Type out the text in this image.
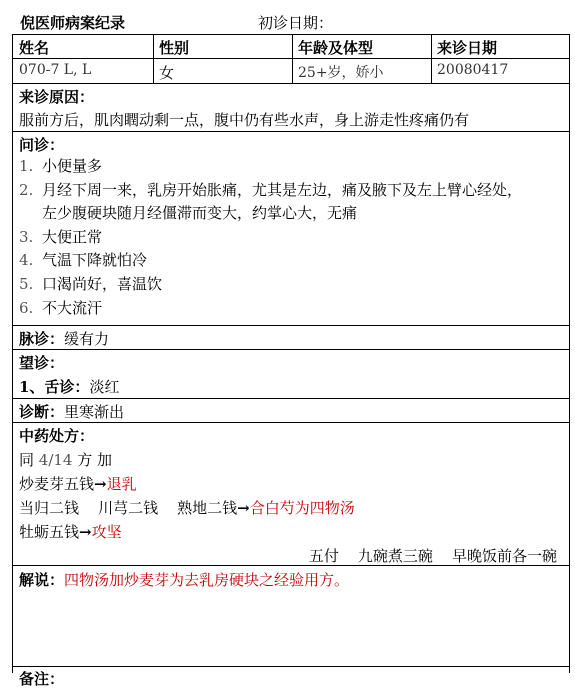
倪医师病案纪录	初诊日期：
姓名	性别	年龄及体型	来诊日期
070-7 L, L	女	25+岁，娇小	20080417
来诊原因：
服前方后，肌肉瞤动剩一点，腹中仍有些水声，身上游走性疼痛仍有
问诊：
1. 小便量多
2. 月经下周一来，乳房开始胀痛，尤其是左边，痛及腋下及左上臂心经处，
左少腹硬块随月经僵滞而变大，约掌心大，无痛
3. 大便正常
4. 气温下降就怕冷
5. 口渴尚好，喜温饮
6. 不大流汗
脉诊：缓有力
望诊：
1、舌诊：淡红
诊断：里寒渐出
中药处方：
同 4/14 方 加
炒麦芽五钱→退乳
当归二钱    川芎二钱    熟地二钱→合白芍为四物汤
牡蛎五钱→攻坚
五付    九碗煮三碗    早晚饭前各一碗
解说：四物汤加炒麦芽为去乳房硬块之经验用方。
备注：
